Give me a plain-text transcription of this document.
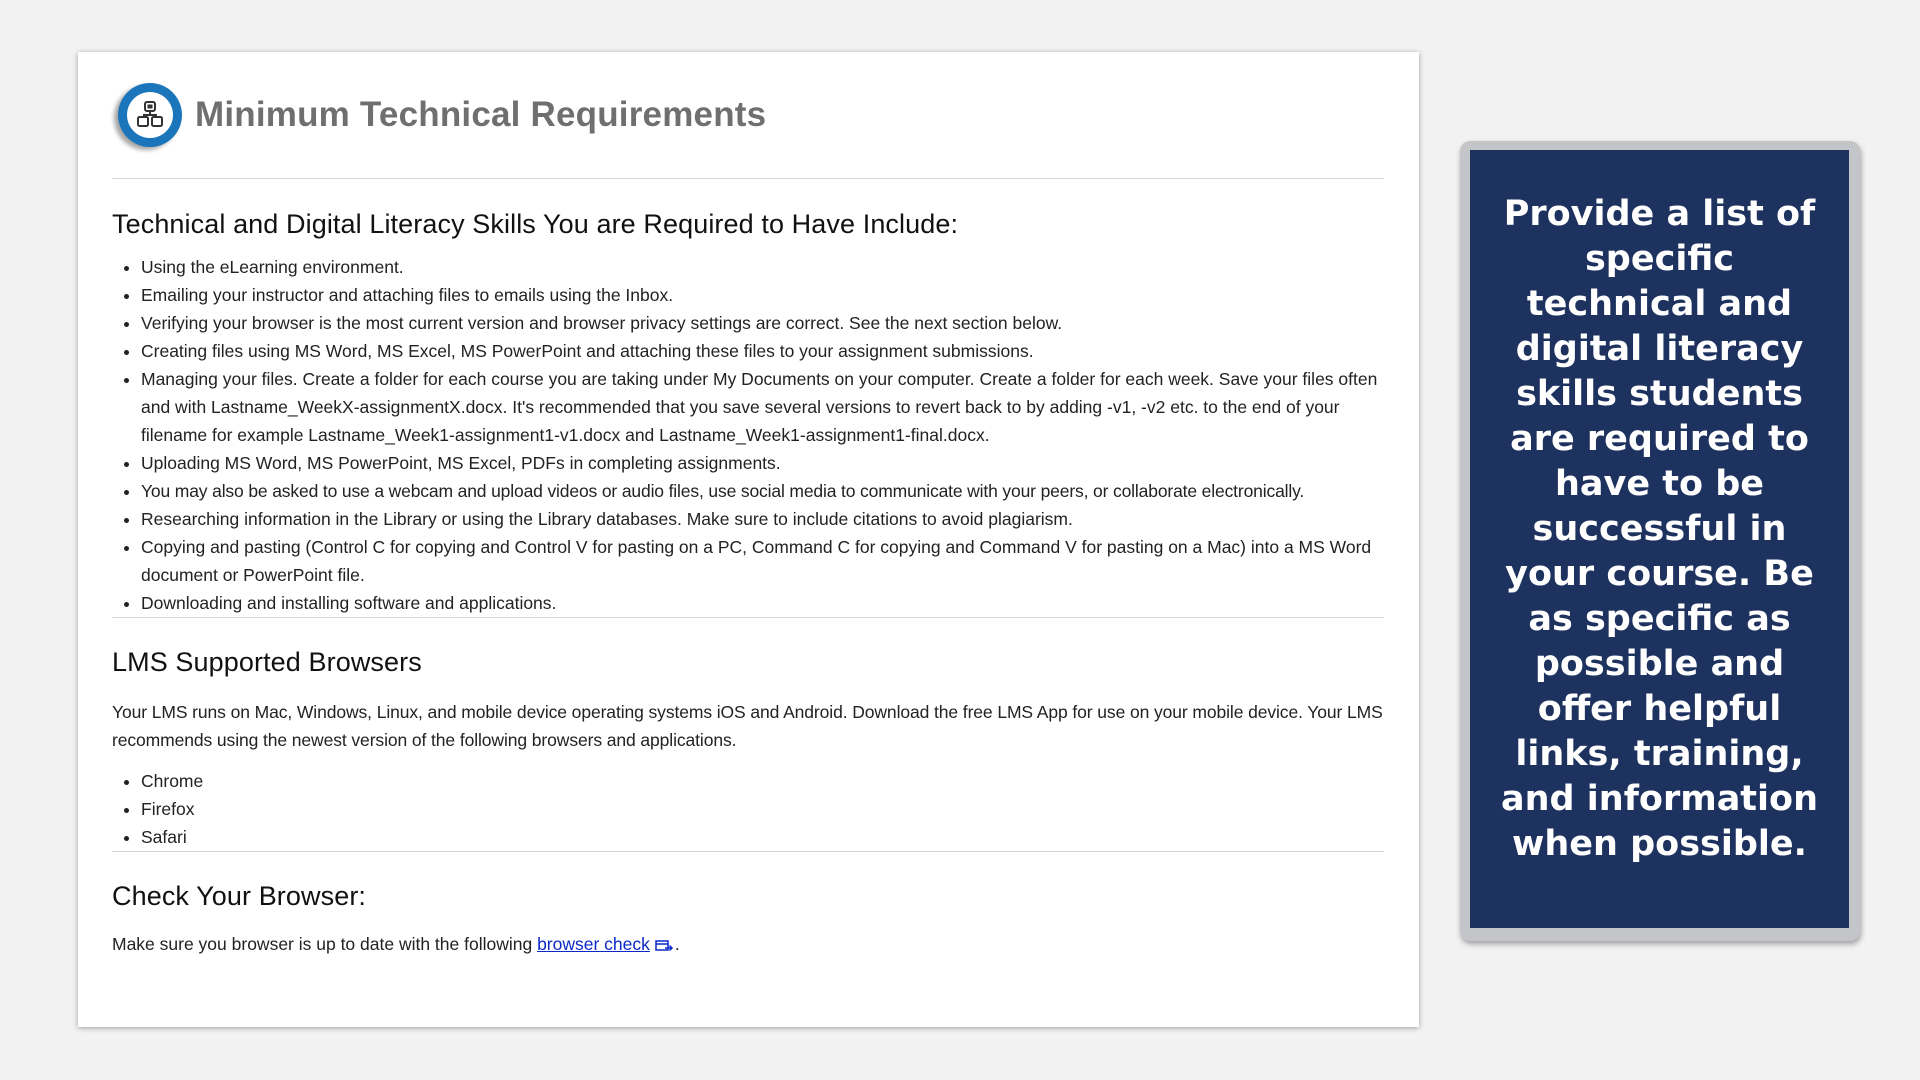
Minimum Technical Requirements
Technical and Digital Literacy Skills You are Required to Have Include:
• Using the eLearning environment.
• Emailing your instructor and attaching files to emails using the Inbox.
• Verifying your browser is the most current version and browser privacy settings are correct. See the next section below.
• Creating files using MS Word, MS Excel, MS PowerPoint and attaching these files to your assignment submissions.
• Managing your files. Create a folder for each course you are taking under My Documents on your computer. Create a folder for each week. Save your files often and with Lastname_WeekX-assignmentX.docx. It's recommended that you save several versions to revert back to by adding -v1, -v2 etc. to the end of your filename for example Lastname_Week1-assignment1-v1.docx and Lastname_Week1-assignment1-final.docx.
• Uploading MS Word, MS PowerPoint, MS Excel, PDFs in completing assignments.
• You may also be asked to use a webcam and upload videos or audio files, use social media to communicate with your peers, or collaborate electronically.
• Researching information in the Library or using the Library databases. Make sure to include citations to avoid plagiarism.
• Copying and pasting (Control C for copying and Control V for pasting on a PC, Command C for copying and Command V for pasting on a Mac) into a MS Word document or PowerPoint file.
• Downloading and installing software and applications.
LMS Supported Browsers

Your LMS runs on Mac, Windows, Linux, and mobile device operating systems iOS and Android. Download the free LMS App for use on your mobile device. Your LMS recommends using the newest version of the following browsers and applications.

• Chrome
• Firefox
• Safari
Check Your Browser:

Make sure you browser is up to date with the following browser check .

Provide a list of specific technical and digital literacy skills students are required to have to be successful in your course. Be as specific as possible and offer helpful links, training, and information when possible.
